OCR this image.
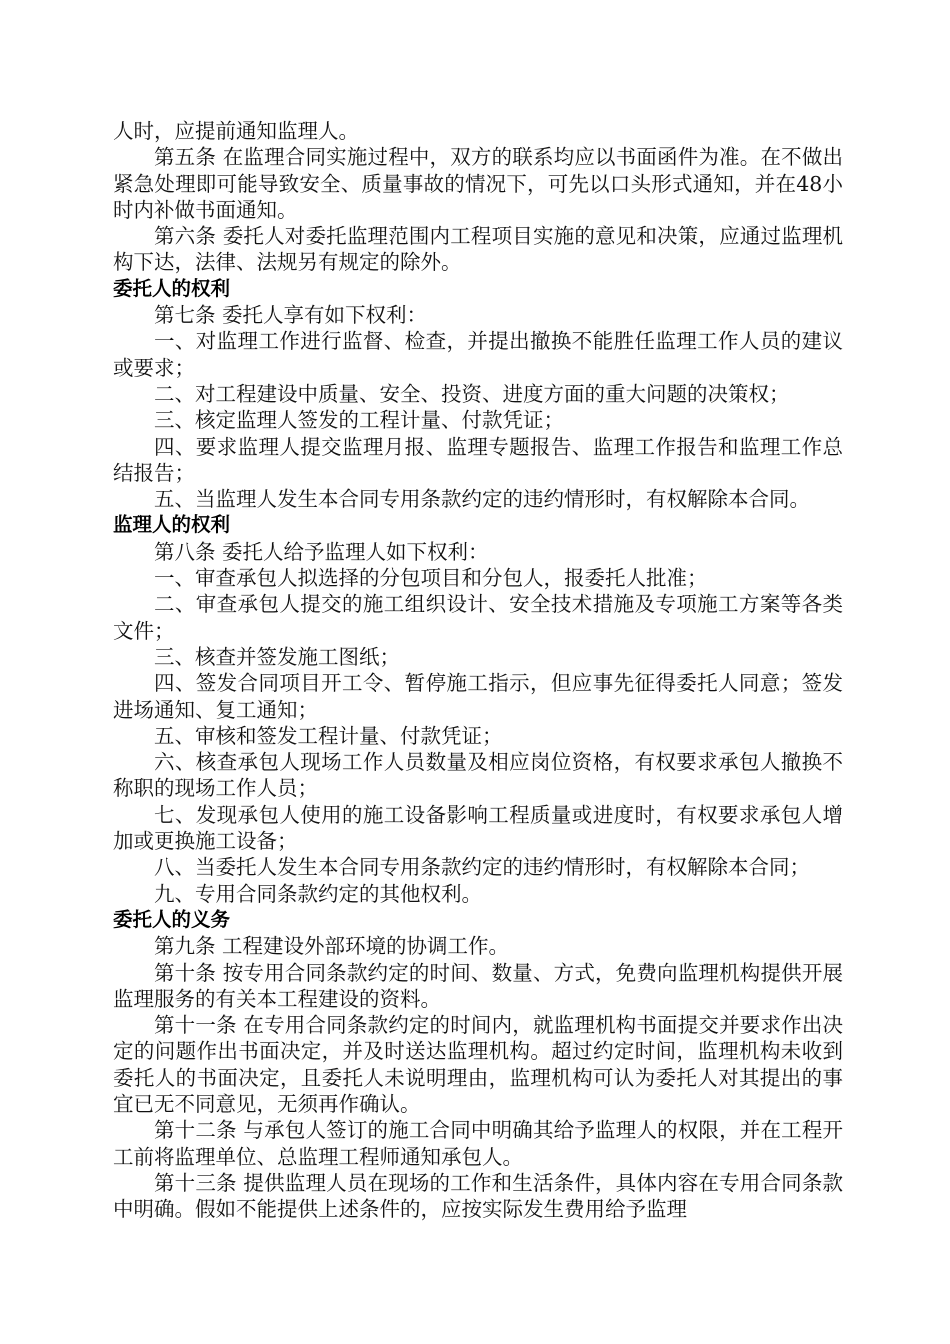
人时，应提前通知监理人。

第五条 在监理合同实施过程中，双方的联系均应以书面函件为准。在不做出紧急处理即可能导致安全、质量事故的情况下，可先以口头形式通知，并在48小时内补做书面通知。

第六条 委托人对委托监理范围内工程项目实施的意见和决策，应通过监理机构下达，法律、法规另有规定的除外。

委托人的权利

第七条 委托人享有如下权利：

一、对监理工作进行监督、检查，并提出撤换不能胜任监理工作人员的建议或要求；

二、对工程建设中质量、安全、投资、进度方面的重大问题的决策权；

三、核定监理人签发的工程计量、付款凭证；

四、要求监理人提交监理月报、监理专题报告、监理工作报告和监理工作总结报告；

五、当监理人发生本合同专用条款约定的违约情形时，有权解除本合同。

监理人的权利

第八条 委托人给予监理人如下权利：

一、审查承包人拟选择的分包项目和分包人，报委托人批准；

二、审查承包人提交的施工组织设计、安全技术措施及专项施工方案等各类文件；

三、核查并签发施工图纸；

四、签发合同项目开工令、暂停施工指示，但应事先征得委托人同意；签发进场通知、复工通知；

五、审核和签发工程计量、付款凭证；

六、核查承包人现场工作人员数量及相应岗位资格，有权要求承包人撤换不称职的现场工作人员；

七、发现承包人使用的施工设备影响工程质量或进度时，有权要求承包人增加或更换施工设备；

八、当委托人发生本合同专用条款约定的违约情形时，有权解除本合同；

九、专用合同条款约定的其他权利。

委托人的义务

第九条 工程建设外部环境的协调工作。

第十条 按专用合同条款约定的时间、数量、方式，免费向监理机构提供开展监理服务的有关本工程建设的资料。

第十一条 在专用合同条款约定的时间内，就监理机构书面提交并要求作出决定的问题作出书面决定，并及时送达监理机构。超过约定时间，监理机构未收到委托人的书面决定，且委托人未说明理由，监理机构可认为委托人对其提出的事宜已无不同意见，无须再作确认。

第十二条 与承包人签订的施工合同中明确其给予监理人的权限，并在工程开工前将监理单位、总监理工程师通知承包人。

第十三条 提供监理人员在现场的工作和生活条件，具体内容在专用合同条款中明确。假如不能提供上述条件的，应按实际发生费用给予监理
